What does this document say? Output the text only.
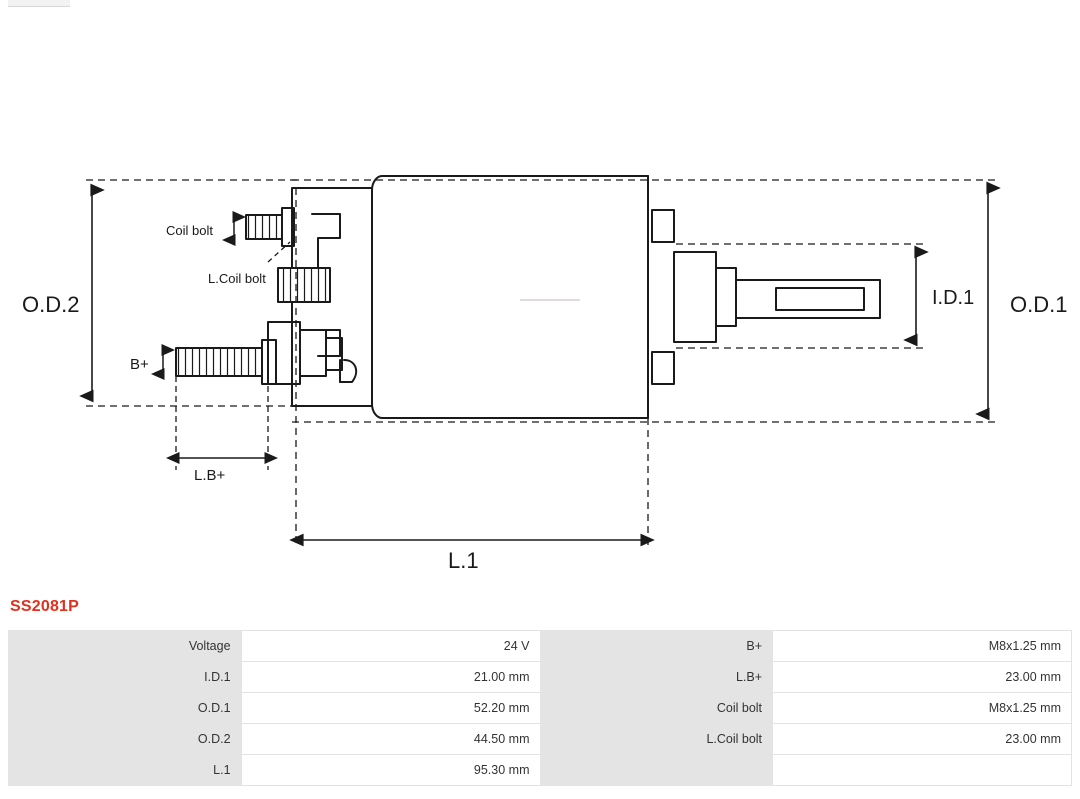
O.D.2	O.D.1
I.D.1
Coil bolt
L.Coil bolt
B+
L.B+
L.1
SS2081P
Voltage	24 V	B+	M8x1.25 mm
I.D.1	21.00 mm	L.B+	23.00 mm
O.D.1	52.20 mm	Coil bolt	M8x1.25 mm
O.D.2	44.50 mm	L.Coil bolt	23.00 mm
L.1	95.30 mm		
